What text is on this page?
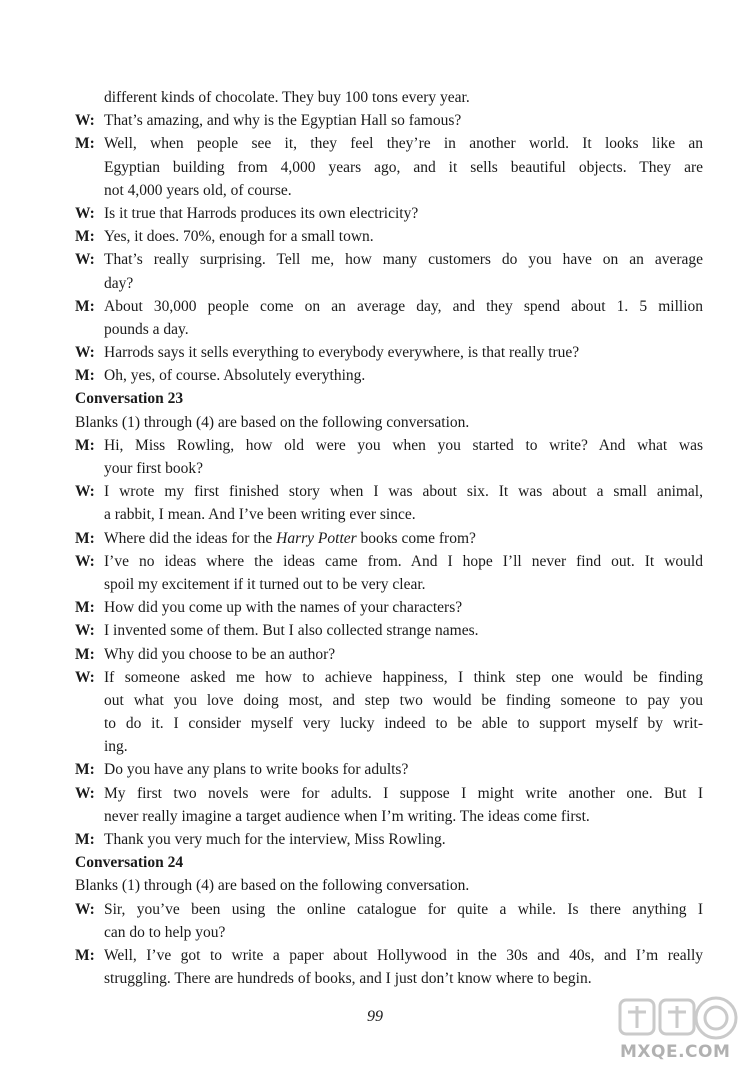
different kinds of chocolate. They buy 100 tons every year.
W: That’s amazing, and why is the Egyptian Hall so famous?
M: Well, when people see it, they feel they’re in another world. It looks like an
Egyptian building from 4,000 years ago, and it sells beautiful objects. They are
not 4,000 years old, of course.
W: Is it true that Harrods produces its own electricity?
M: Yes, it does. 70%, enough for a small town.
W: That’s really surprising. Tell me, how many customers do you have on an average
day?
M: About 30,000 people come on an average day, and they spend about 1. 5 million
pounds a day.
W: Harrods says it sells everything to everybody everywhere, is that really true?
M: Oh, yes, of course. Absolutely everything.
Conversation 23
Blanks (1) through (4) are based on the following conversation.
M: Hi, Miss Rowling, how old were you when you started to write? And what was
your first book?
W: I wrote my first finished story when I was about six. It was about a small animal,
a rabbit, I mean. And I’ve been writing ever since.
M: Where did the ideas for the Harry Potter books come from?
W: I’ve no ideas where the ideas came from. And I hope I’ll never find out. It would
spoil my excitement if it turned out to be very clear.
M: How did you come up with the names of your characters?
W: I invented some of them. But I also collected strange names.
M: Why did you choose to be an author?
W: If someone asked me how to achieve happiness, I think step one would be finding
out what you love doing most, and step two would be finding someone to pay you
to do it. I consider myself very lucky indeed to be able to support myself by writ-
ing.
M: Do you have any plans to write books for adults?
W: My first two novels were for adults. I suppose I might write another one. But I
never really imagine a target audience when I’m writing. The ideas come first.
M: Thank you very much for the interview, Miss Rowling.
Conversation 24
Blanks (1) through (4) are based on the following conversation.
W: Sir, you’ve been using the online catalogue for quite a while. Is there anything I
can do to help you?
M: Well, I’ve got to write a paper about Hollywood in the 30s and 40s, and I’m really
struggling. There are hundreds of books, and I just don’t know where to begin.
99
MXQE.COM
